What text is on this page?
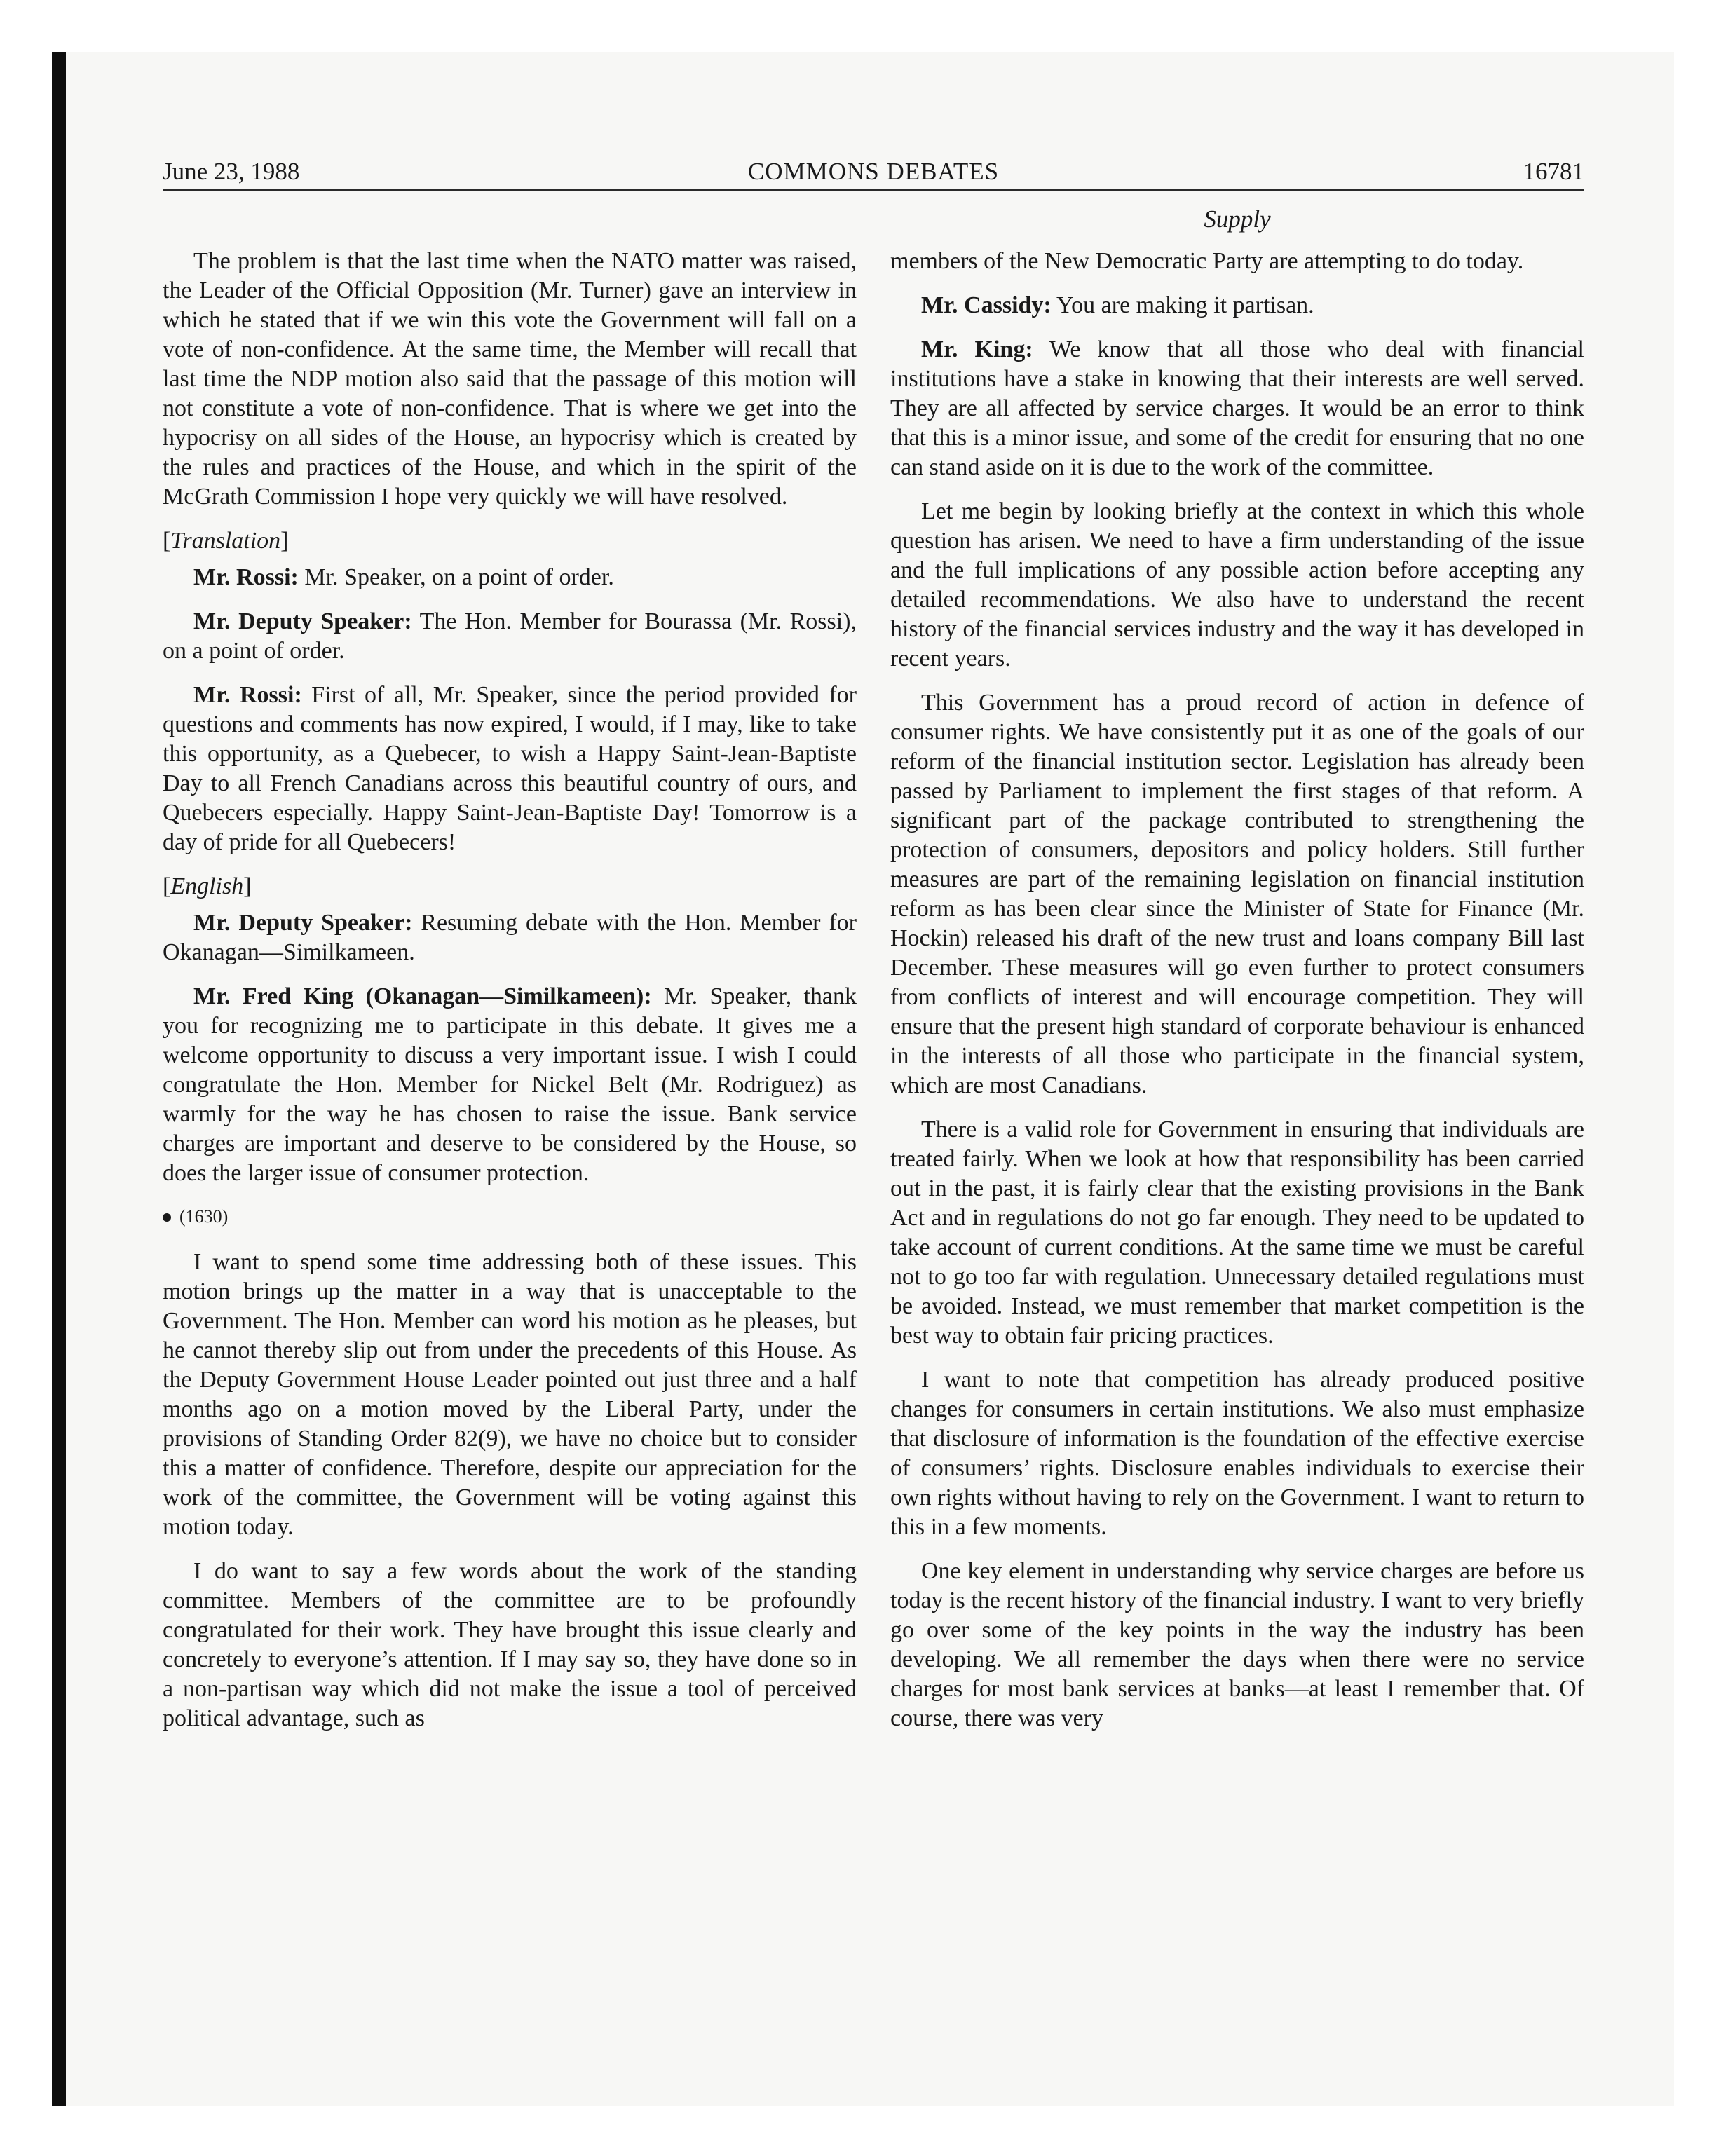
June 23, 1988	COMMONS DEBATES	16781
Supply

The problem is that the last time when the NATO matter was raised, the Leader of the Official Opposition (Mr. Turner) gave an interview in which he stated that if we win this vote the Government will fall on a vote of non-confidence. At the same time, the Member will recall that last time the NDP motion also said that the passage of this motion will not constitute a vote of non-confidence. That is where we get into the hypocrisy on all sides of the House, an hypocrisy which is created by the rules and practices of the House, and which in the spirit of the McGrath Commission I hope very quickly we will have resolved.

[Translation]

Mr. Rossi: Mr. Speaker, on a point of order.

Mr. Deputy Speaker: The Hon. Member for Bourassa (Mr. Rossi), on a point of order.

Mr. Rossi: First of all, Mr. Speaker, since the period provided for questions and comments has now expired, I would, if I may, like to take this opportunity, as a Quebecer, to wish a Happy Saint-Jean-Baptiste Day to all French Canadians across this beautiful country of ours, and Quebecers especially. Happy Saint-Jean-Baptiste Day! Tomorrow is a day of pride for all Quebecers!

[English]

Mr. Deputy Speaker: Resuming debate with the Hon. Member for Okanagan—Similkameen.

Mr. Fred King (Okanagan—Similkameen): Mr. Speaker, thank you for recognizing me to participate in this debate. It gives me a welcome opportunity to discuss a very important issue. I wish I could congratulate the Hon. Member for Nickel Belt (Mr. Rodriguez) as warmly for the way he has chosen to raise the issue. Bank service charges are important and deserve to be considered by the House, so does the larger issue of consumer protection.

(1630)

I want to spend some time addressing both of these issues. This motion brings up the matter in a way that is unacceptable to the Government. The Hon. Member can word his motion as he pleases, but he cannot thereby slip out from under the precedents of this House. As the Deputy Government House Leader pointed out just three and a half months ago on a motion moved by the Liberal Party, under the provisions of Standing Order 82(9), we have no choice but to consider this a matter of confidence. Therefore, despite our appreciation for the work of the committee, the Government will be voting against this motion today.

I do want to say a few words about the work of the standing committee. Members of the committee are to be profoundly congratulated for their work. They have brought this issue clearly and concretely to everyone’s attention. If I may say so, they have done so in a non-partisan way which did not make the issue a tool of perceived political advantage, such as

members of the New Democratic Party are attempting to do today.

Mr. Cassidy: You are making it partisan.

Mr. King: We know that all those who deal with financial institutions have a stake in knowing that their interests are well served. They are all affected by service charges. It would be an error to think that this is a minor issue, and some of the credit for ensuring that no one can stand aside on it is due to the work of the committee.

Let me begin by looking briefly at the context in which this whole question has arisen. We need to have a firm understanding of the issue and the full implications of any possible action before accepting any detailed recommendations. We also have to understand the recent history of the financial services industry and the way it has developed in recent years.

This Government has a proud record of action in defence of consumer rights. We have consistently put it as one of the goals of our reform of the financial institution sector. Legislation has already been passed by Parliament to implement the first stages of that reform. A significant part of the package contributed to strengthening the protection of consumers, depositors and policy holders. Still further measures are part of the remaining legislation on financial institution reform as has been clear since the Minister of State for Finance (Mr. Hockin) released his draft of the new trust and loans company Bill last December. These measures will go even further to protect consumers from conflicts of interest and will encourage competition. They will ensure that the present high standard of corporate behaviour is enhanced in the interests of all those who participate in the financial system, which are most Canadians.

There is a valid role for Government in ensuring that individuals are treated fairly. When we look at how that responsibility has been carried out in the past, it is fairly clear that the existing provisions in the Bank Act and in regulations do not go far enough. They need to be updated to take account of current conditions. At the same time we must be careful not to go too far with regulation. Unnecessary detailed regulations must be avoided. Instead, we must remember that market competition is the best way to obtain fair pricing practices.

I want to note that competition has already produced positive changes for consumers in certain institutions. We also must emphasize that disclosure of information is the foundation of the effective exercise of consumers’ rights. Disclosure enables individuals to exercise their own rights without having to rely on the Government. I want to return to this in a few moments.

One key element in understanding why service charges are before us today is the recent history of the financial industry. I want to very briefly go over some of the key points in the way the industry has been developing. We all remember the days when there were no service charges for most bank services at banks—at least I remember that. Of course, there was very
